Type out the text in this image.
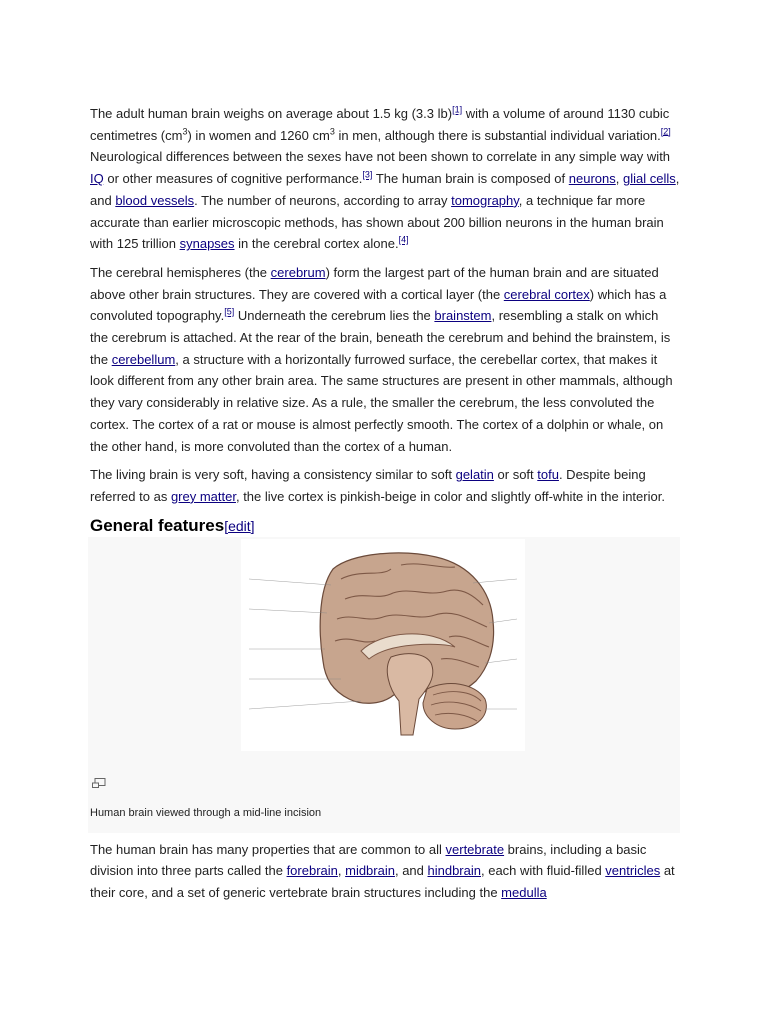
The adult human brain weighs on average about 1.5 kg (3.3 lb)[1] with a volume of around 1130 cubic centimetres $(cm^3)$ in women and 1260 $cm^3$ in men, although there is substantial individual variation.[2] Neurological differences between the sexes have not been shown to correlate in any simple way with IQ or other measures of cognitive performance.[3] The human brain is composed of neurons, glial cells, and blood vessels. The number of neurons, according to array tomography, a technique far more accurate than earlier microscopic methods, has shown about 200 billion neurons in the human brain with 125 trillion synapses in the cerebral cortex alone.[4]

The cerebral hemispheres (the cerebrum) form the largest part of the human brain and are situated above other brain structures. They are covered with a cortical layer (the cerebral cortex) which has a convoluted topography.[5] Underneath the cerebrum lies the brainstem, resembling a stalk on which the cerebrum is attached. At the rear of the brain, beneath the cerebrum and behind the brainstem, is the cerebellum, a structure with a horizontally furrowed surface, the cerebellar cortex, that makes it look different from any other brain area. The same structures are present in other mammals, although they vary considerably in relative size. As a rule, the smaller the cerebrum, the less convoluted the cortex. The cortex of a rat or mouse is almost perfectly smooth. The cortex of a dolphin or whale, on the other hand, is more convoluted than the cortex of a human.

The living brain is very soft, having a consistency similar to soft gelatin or soft tofu. Despite being referred to as grey matter, the live cortex is pinkish-beige in color and slightly off-white in the interior.

General features[edit]
Human brain viewed through a mid-line incision

The human brain has many properties that are common to all vertebrate brains, including a basic division into three parts called the forebrain, midbrain, and hindbrain, each with fluid-filled ventricles at their core, and a set of generic vertebrate brain structures including the medulla
